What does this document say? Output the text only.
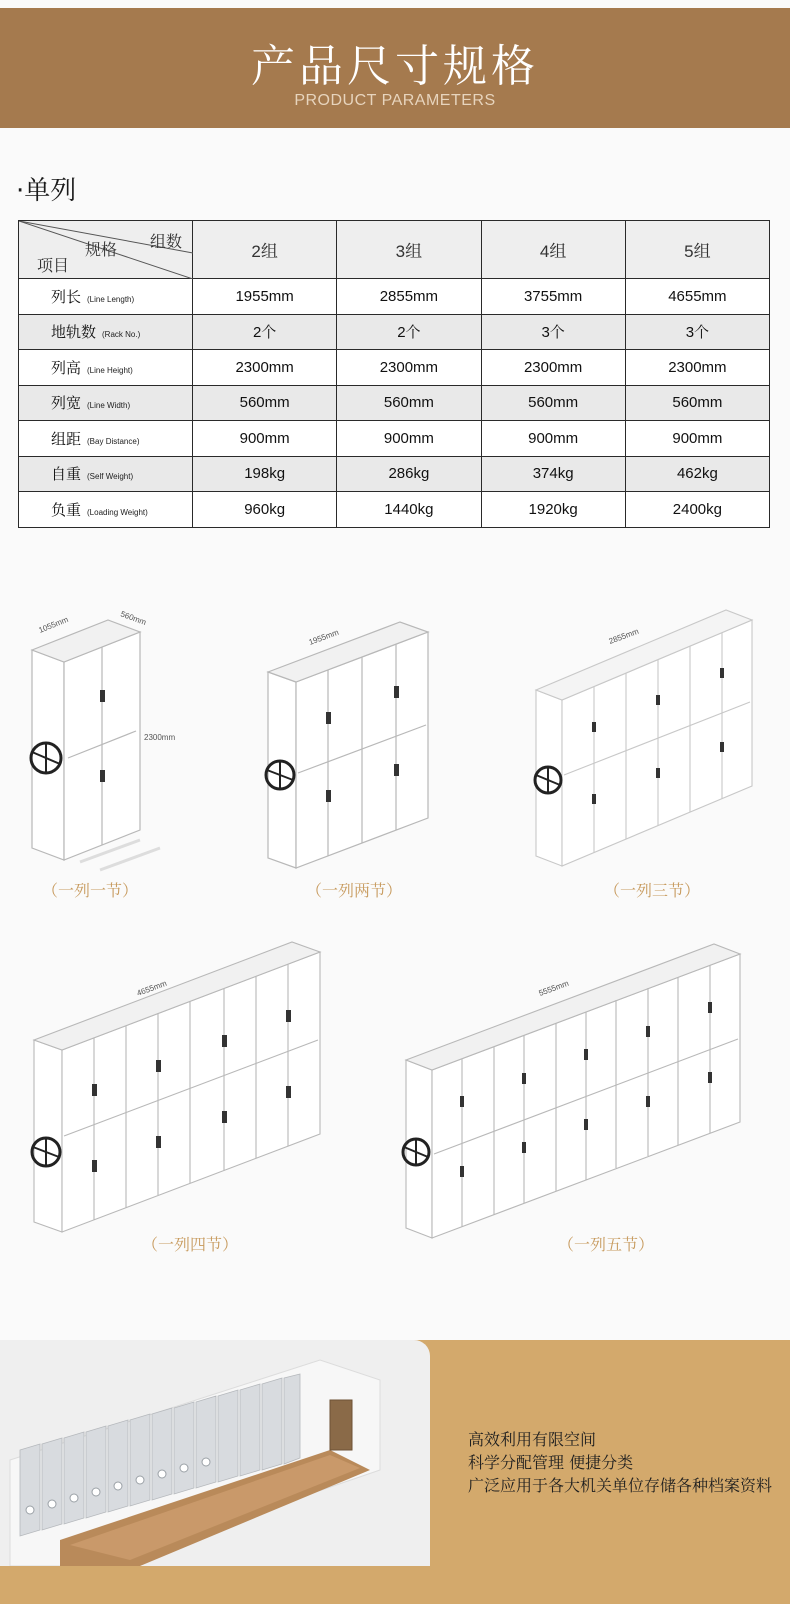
产品尺寸规格
PRODUCT PARAMETERS
·单列
组数
规格
项目	2组	3组	4组	5组
列长 (Line Length)	1955mm	2855mm	3755mm	4655mm
地轨数 (Rack No.)	2个	2个	3个	3个
列高 (Line Height)	2300mm	2300mm	2300mm	2300mm
列宽 (Line Width)	560mm	560mm	560mm	560mm
组距 (Bay Distance)	900mm	900mm	900mm	900mm
自重 (Self Weight)	198kg	286kg	374kg	462kg
负重 (Loading Weight)	960kg	1440kg	1920kg	2400kg
1055mm	560mm
2300mm
（一列一节）
1955mm
（一列两节）
2855mm
（一列三节）
4655mm
（一列四节）
5555mm
（一列五节）
高效利用有限空间
科学分配管理 便捷分类
广泛应用于各大机关单位存储各种档案资料
